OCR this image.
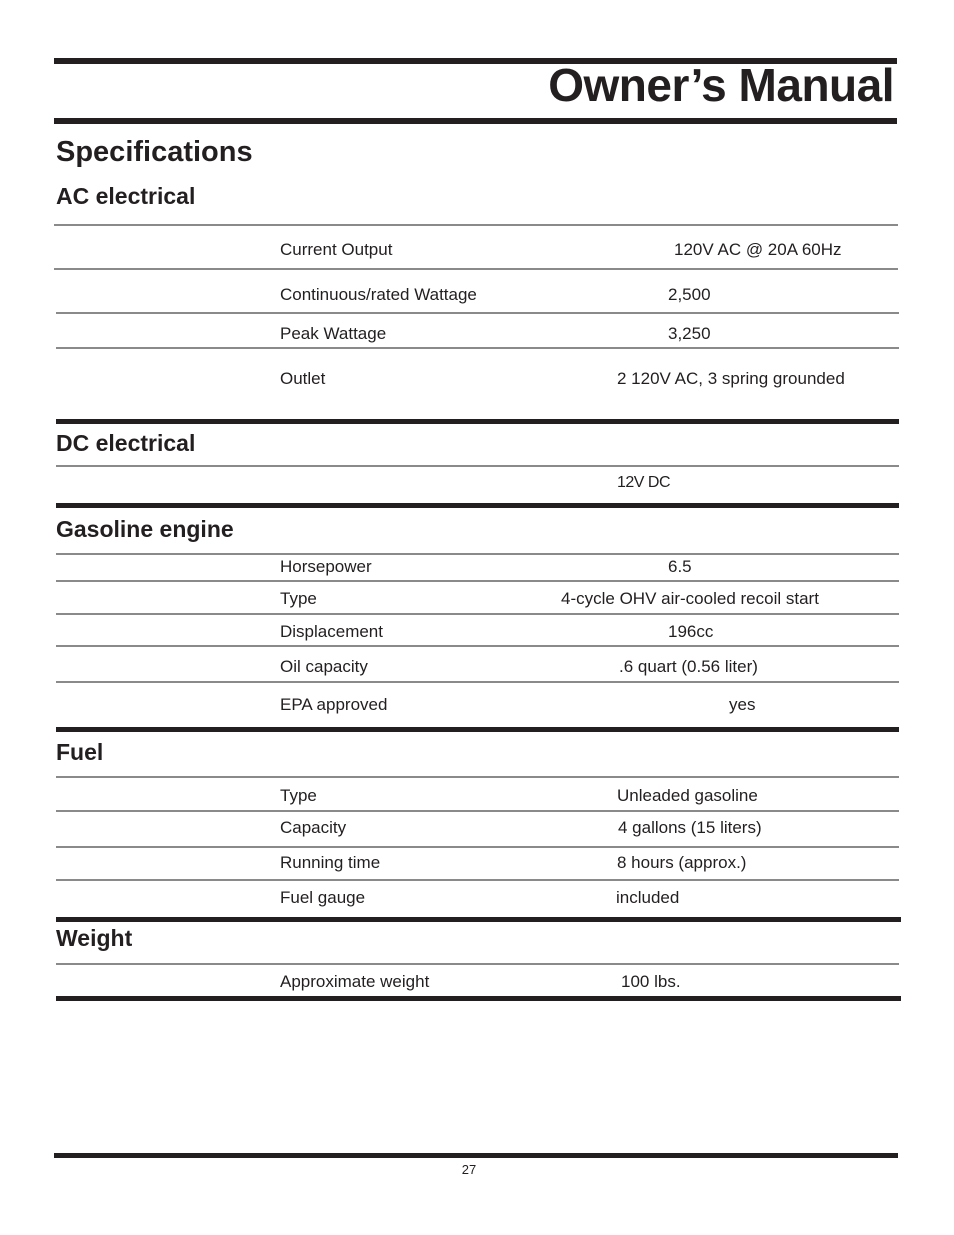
Owner’s Manual
Specifications
AC electrical
Current Output	120V AC @ 20A 60Hz
Continuous/rated Wattage	2,500
Peak Wattage	3,250
Outlet	2 120V AC, 3 spring grounded
DC electrical
12V DC
Gasoline engine
Horsepower	6.5
Type	4-cycle OHV air-cooled recoil start
Displacement	196cc
Oil capacity	.6 quart (0.56 liter)
EPA approved	yes
Fuel
Type	Unleaded gasoline
Capacity	4 gallons (15 liters)
Running time	8 hours (approx.)
Fuel gauge	included
Weight
Approximate weight	100 lbs.
27
